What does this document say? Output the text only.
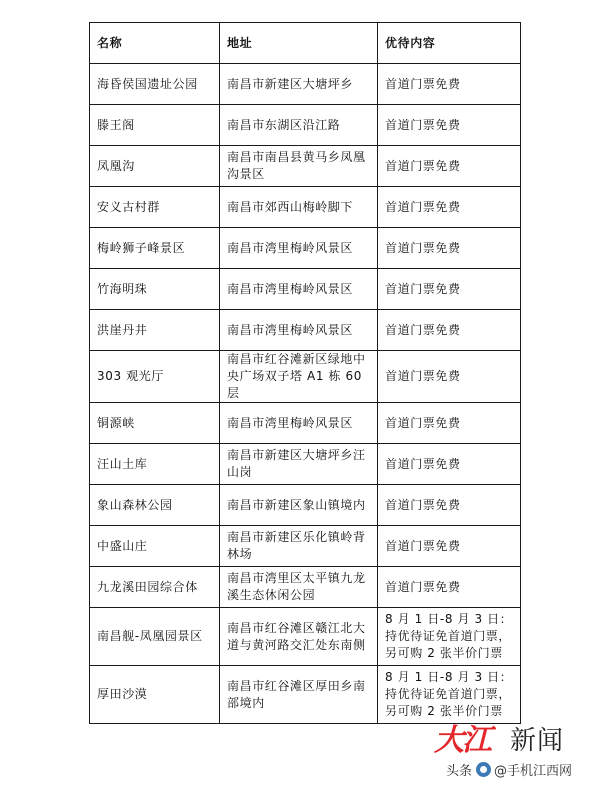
名称	地址	优待内容
海昏侯国遗址公园	南昌市新建区大塘坪乡	首道门票免费
滕王阁	南昌市东湖区沿江路	首道门票免费
凤凰沟	南昌市南昌县黄马乡凤凰沟景区	首道门票免费
安义古村群	南昌市郊西山梅岭脚下	首道门票免费
梅岭狮子峰景区	南昌市湾里梅岭风景区	首道门票免费
竹海明珠	南昌市湾里梅岭风景区	首道门票免费
洪崖丹井	南昌市湾里梅岭风景区	首道门票免费
303 观光厅	南昌市红谷滩新区绿地中央广场双子塔 A1 栋 60 层	首道门票免费
铜源峡	南昌市湾里梅岭风景区	首道门票免费
汪山土库	南昌市新建区大塘坪乡汪山岗	首道门票免费
象山森林公园	南昌市新建区象山镇境内	首道门票免费
中盛山庄	南昌市新建区乐化镇岭背林场	首道门票免费
九龙溪田园综合体	南昌市湾里区太平镇九龙溪生态休闲公园	首道门票免费
南昌舰-凤凰园景区	南昌市红谷滩区赣江北大道与黄河路交汇处东南侧	8 月 1 日-8 月 3 日：持优待证免首道门票，另可购 2 张半价门票
厚田沙漠	南昌市红谷滩区厚田乡南部境内	8 月 1 日-8 月 3 日：持优待证免首道门票，另可购 2 张半价门票
大江 新闻
头条 @手机江西网
